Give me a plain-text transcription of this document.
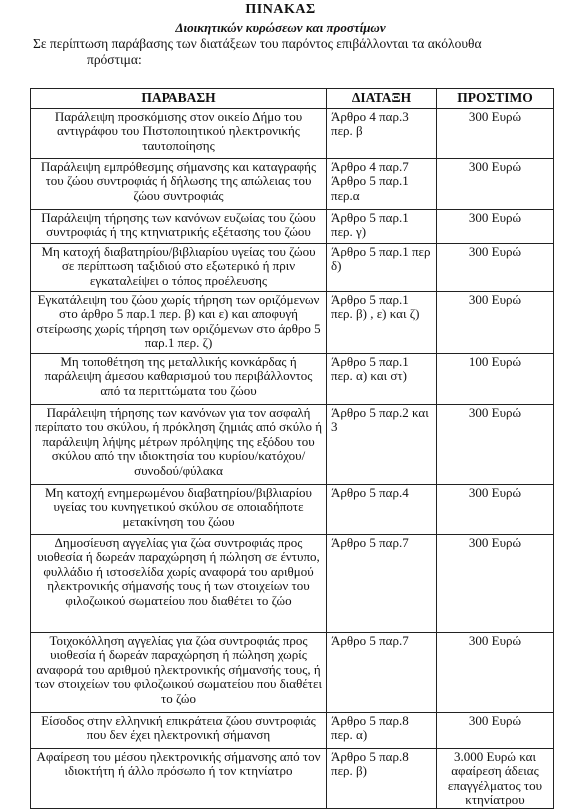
ΠΙΝΑΚΑΣ
Διοικητικών κυρώσεων και προστίμων
Σε περίπτωση παράβασης των διατάξεων του παρόντος επιβάλλονται τα ακόλουθα
πρόστιμα:
ΠΑΡΑΒΑΣΗ	ΔΙΑΤΑΞΗ	ΠΡΟΣΤΙΜΟ
Παράλειψη προσκόμισης στον οικείο Δήμο του αντιγράφου του Πιστοποιητικού ηλεκτρονικής ταυτοποίησης	Άρθρο 4 παρ.3 περ. β	300 Ευρώ
Παράλειψη εμπρόθεσμης σήμανσης και καταγραφής του ζώου συντροφιάς ή δήλωσης της απώλειας του ζώου συντροφιάς	Άρθρο 4 παρ.7 Άρθρο 5 παρ.1 περ.α	300 Ευρώ
Παράλειψη τήρησης των κανόνων ευζωίας του ζώου συντροφιάς ή της κτηνιατρικής εξέτασης του ζώου	Άρθρο 5 παρ.1 περ. γ)	300 Ευρώ
Μη κατοχή διαβατηρίου/βιβλιαρίου υγείας του ζώου σε περίπτωση ταξιδιού στο εξωτερικό ή πριν εγκαταλείψει ο τόπος προέλευσης	Άρθρο 5 παρ.1 περ δ)	300 Ευρώ
Εγκατάλειψη του ζώου χωρίς τήρηση των οριζόμενων στο άρθρο 5 παρ.1 περ. β) και ε) και αποφυγή στείρωσης χωρίς τήρηση των οριζόμενων στο άρθρο 5 παρ.1 περ. ζ)	Άρθρο 5 παρ.1 περ. β) , ε) και ζ)	300 Ευρώ
Μη τοποθέτηση της μεταλλικής κονκάρδας ή παράλειψη άμεσου καθαρισμού του περιβάλλοντος από τα περιττώματα του ζώου	Άρθρο 5 παρ.1 περ. α) και στ)	100 Ευρώ
Παράλειψη τήρησης των κανόνων για τον ασφαλή περίπατο του σκύλου, ή πρόκληση ζημιάς από σκύλο ή παράλειψη λήψης μέτρων πρόληψης της εξόδου του σκύλου από την ιδιοκτησία του κυρίου/κατόχου/συνοδού/φύλακα	Άρθρο 5 παρ.2 και 3	300 Ευρώ
Μη κατοχή ενημερωμένου διαβατηρίου/βιβλιαρίου υγείας του κυνηγετικού σκύλου σε οποιαδήποτε μετακίνηση του ζώου	Άρθρο 5 παρ.4	300 Ευρώ
Δημοσίευση αγγελίας για ζώα συντροφιάς προς υιοθεσία ή δωρεάν παραχώρηση ή πώληση σε έντυπο, φυλλάδιο ή ιστοσελίδα χωρίς αναφορά του αριθμού ηλεκτρονικής σήμανσής τους ή των στοιχείων του φιλοζωικού σωματείου που διαθέτει το ζώο	Άρθρο 5 παρ.7	300 Ευρώ
Τοιχοκόλληση αγγελίας για ζώα συντροφιάς προς υιοθεσία ή δωρεάν παραχώρηση ή πώληση χωρίς αναφορά του αριθμού ηλεκτρονικής σήμανσής τους, ή των στοιχείων του φιλοζωικού σωματείου που διαθέτει το ζώο	Άρθρο 5 παρ.7	300 Ευρώ
Είσοδος στην ελληνική επικράτεια ζώου συντροφιάς που δεν έχει ηλεκτρονική σήμανση	Άρθρο 5 παρ.8 περ. α)	300 Ευρώ
Αφαίρεση του μέσου ηλεκτρονικής σήμανσης από τον ιδιοκτήτη ή άλλο πρόσωπο ή τον κτηνίατρο	Άρθρο 5 παρ.8 περ. β)	3.000 Ευρώ και αφαίρεση άδειας επαγγέλματος του κτηνίατρου
